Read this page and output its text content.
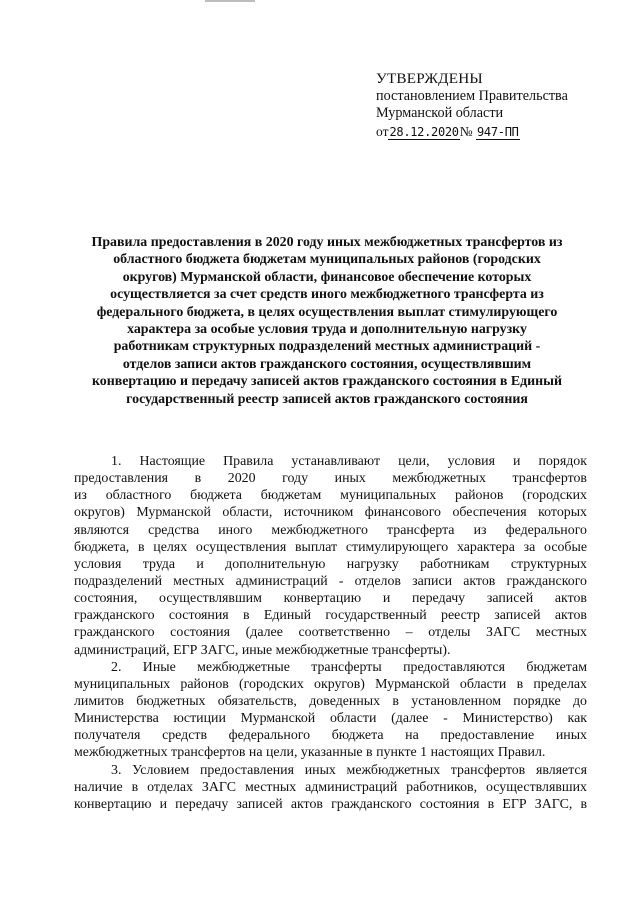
УТВЕРЖДЕНЫ
постановлением Правительства
Мурманской области
от28.12.2020№ 947-ПП
Правила предоставления в 2020 году иных межбюджетных трансфертов из
областного бюджета бюджетам муниципальных районов (городских
округов) Мурманской области, финансовое обеспечение которых
осуществляется за счет средств иного межбюджетного трансферта из
федерального бюджета, в целях осуществления выплат стимулирующего
характера за особые условия труда и дополнительную нагрузку
работникам структурных подразделений местных администраций -
отделов записи актов гражданского состояния, осуществлявшим
конвертацию и передачу записей актов гражданского состояния в Единый
государственный реестр записей актов гражданского состояния
1. Настоящие Правила устанавливают цели, условия и порядок
предоставления в 2020 году иных межбюджетных трансфертов
из областного бюджета бюджетам муниципальных районов (городских
округов) Мурманской области, источником финансового обеспечения которых
являются средства иного межбюджетного трансферта из федерального
бюджета, в целях осуществления выплат стимулирующего характера за особые
условия труда и дополнительную нагрузку работникам структурных
подразделений местных администраций - отделов записи актов гражданского
состояния, осуществлявшим конвертацию и передачу записей актов
гражданского состояния в Единый государственный реестр записей актов
гражданского состояния (далее соответственно – отделы ЗАГС местных
администраций, ЕГР ЗАГС, иные межбюджетные трансферты).
2. Иные межбюджетные трансферты предоставляются бюджетам
муниципальных районов (городских округов) Мурманской области в пределах
лимитов бюджетных обязательств, доведенных в установленном порядке до
Министерства юстиции Мурманской области (далее - Министерство) как
получателя средств федерального бюджета на предоставление иных
межбюджетных трансфертов на цели, указанные в пункте 1 настоящих Правил.
3. Условием предоставления иных межбюджетных трансфертов является
наличие в отделах ЗАГС местных администраций работников, осуществлявших
конвертацию и передачу записей актов гражданского состояния в ЕГР ЗАГС, в
